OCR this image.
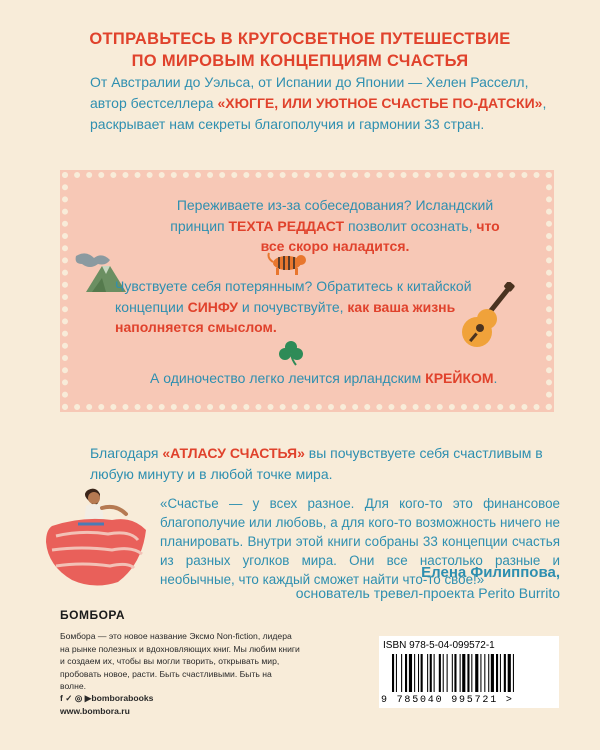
ОТПРАВЬТЕСЬ В КРУГОСВЕТНОЕ ПУТЕШЕСТВИЕ
ПО МИРОВЫМ КОНЦЕПЦИЯМ СЧАСТЬЯ
От Австралии до Уэльса, от Испании до Японии — Хелен Расселл, автор бестселлера «ХЮГГЕ, ИЛИ УЮТНОЕ СЧАСТЬЕ ПО-ДАТСКИ», раскрывает нам секреты благополучия и гармонии 33 стран.
Переживаете из-за собеседования? Исландский принцип ТЕХТА РЕДДАСТ позволит осознать, что все скоро наладится.
Чувствуете себя потерянным? Обратитесь к китайской концепции СИНФУ и почувствуйте, как ваша жизнь наполняется смыслом.
А одиночество легко лечится ирландским КРЕЙКОМ.
Благодаря «АТЛАСУ СЧАСТЬЯ» вы почувствуете себя счастливым в любую минуту и в любой точке мира.
«Счастье — у всех разное. Для кого-то это финансовое благополучие или любовь, а для кого-то возможность ничего не планировать. Внутри этой книги собраны 33 концепции счастья из разных уголков мира. Они все настолько разные и необычные, что каждый сможет найти что-то свое!»
Елена Филиппова,
основатель тревел-проекта Perito Burrito
БОМБОРА
Бомбора — это новое название Эксмо Non-fiction, лидера на рынке полезных и вдохновляющих книг. Мы любим книги и создаем их, чтобы вы могли творить, открывать мир, пробовать новое, расти. Быть счастливыми. Быть на волне.
f ✓ ◎ ▶bomborabooks
www.bombora.ru
ISBN 978-5-04-099572-1
9 785040 995721 >
